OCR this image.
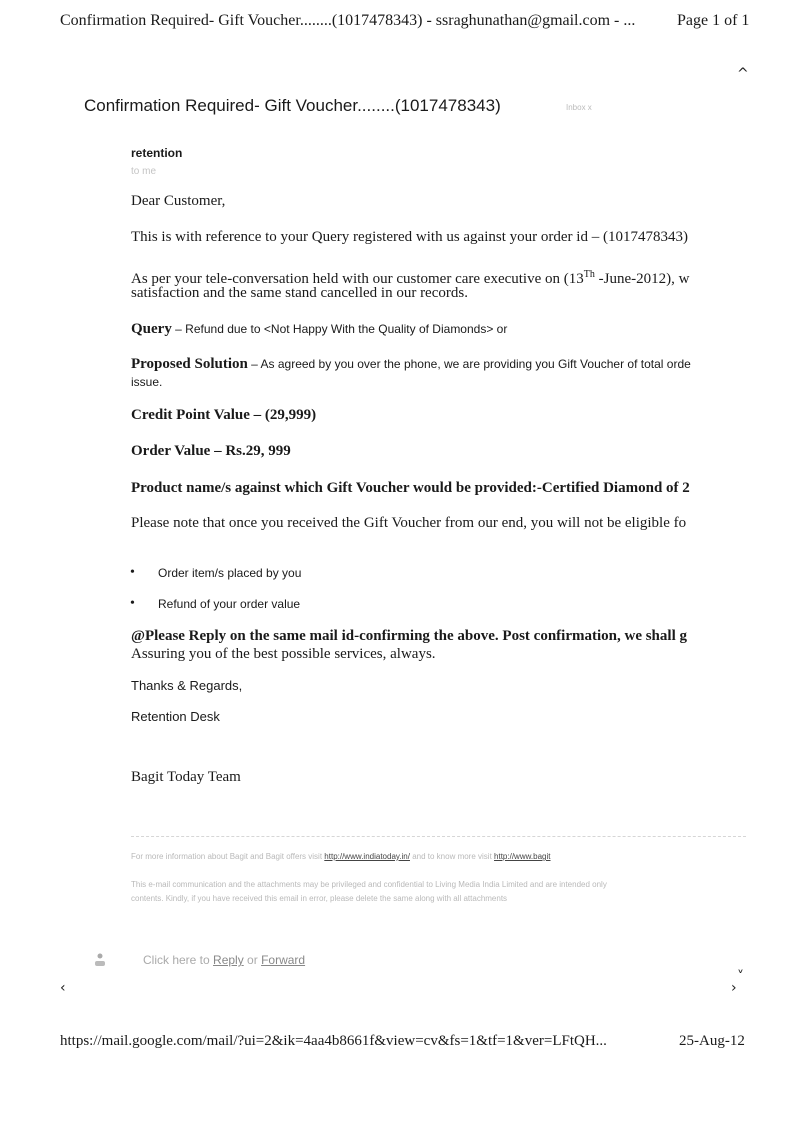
Confirmation Required- Gift Voucher........(1017478343) - ssraghunathan@gmail.com - ...	Page 1 of 1
^
Confirmation Required- Gift Voucher........(1017478343)	Inbox x
retention
to me
Dear Customer,
This is with reference to your Query registered with us against your order id – (1017478343)
As per your tele-conversation held with our customer care executive on (13Th -June-2012), w
satisfaction and the same stand cancelled in our records.
Query – Refund due to <Not Happy With the Quality of Diamonds> or
Proposed Solution – As agreed by you over the phone, we are providing you Gift Voucher of total orde
issue.
Credit Point Value – (29,999)
Order Value – Rs.29, 999
Product name/s against which Gift Voucher would be provided:-Certified Diamond of 2
Please note that once you received the Gift Voucher from our end, you will not be eligible fo
• Order item/s placed by you
• Refund of your order value
@Please Reply on the same mail id-confirming the above. Post confirmation, we shall g
Assuring you of the best possible services, always.
Thanks & Regards,
Retention Desk
Bagit Today Team
For more information about Bagit and Bagit offers visit http://www.indiatoday.in/ and to know more visit http://www.bagit
This e-mail communication and the attachments may be privileged and confidential to Living Media India Limited and are intended only
contents. Kindly, if you have received this email in error, please delete the same along with all attachments
Click here to Reply or Forward
˅
‹	›
https://mail.google.com/mail/?ui=2&ik=4aa4b8661f&view=cv&fs=1&tf=1&ver=LFtQH...	25-Aug-12
